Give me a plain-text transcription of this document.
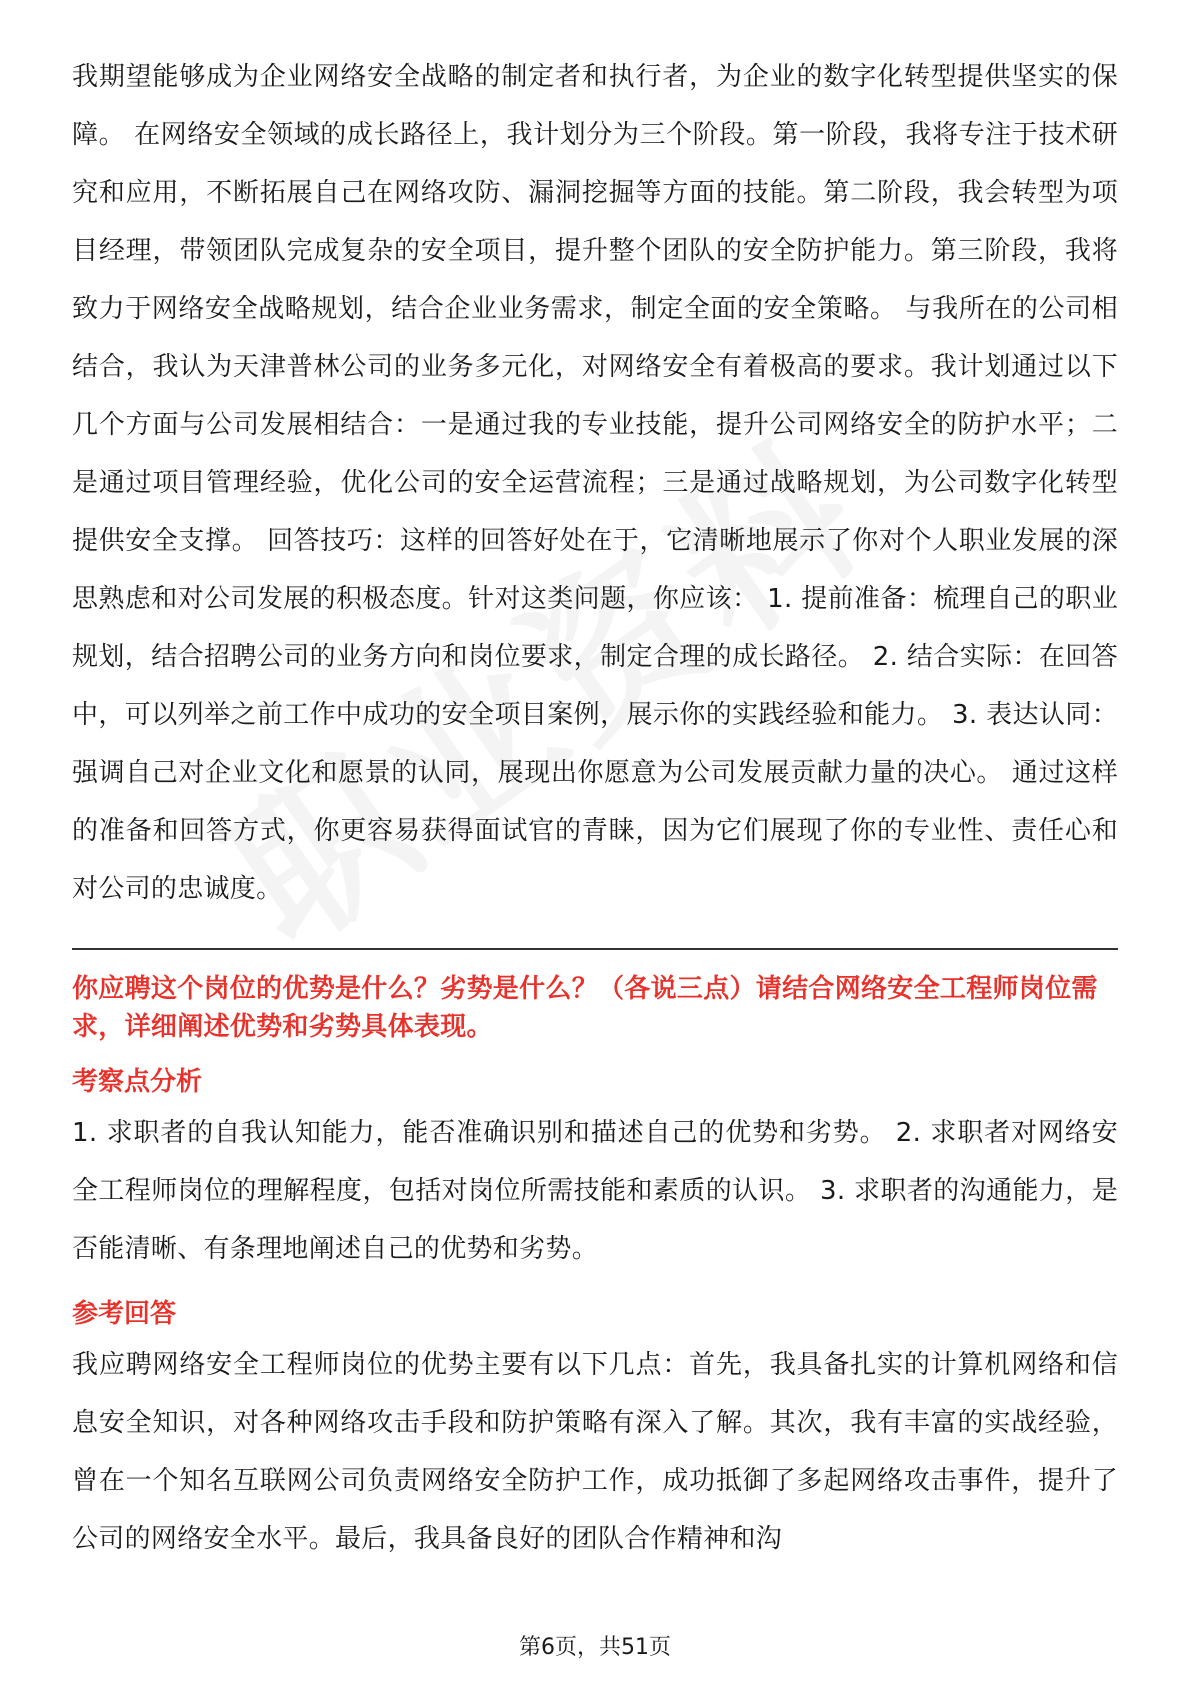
我期望能够成为企业网络安全战略的制定者和执行者，为企业的数字化转型提供坚实的保障。 在网络安全领域的成长路径上，我计划分为三个阶段。第一阶段，我将专注于技术研究和应用，不断拓展自己在网络攻防、漏洞挖掘等方面的技能。第二阶段，我会转型为项目经理，带领团队完成复杂的安全项目，提升整个团队的安全防护能力。第三阶段，我将致力于网络安全战略规划，结合企业业务需求，制定全面的安全策略。 与我所在的公司相结合，我认为天津普林公司的业务多元化，对网络安全有着极高的要求。我计划通过以下几个方面与公司发展相结合：一是通过我的专业技能，提升公司网络安全的防护水平；二是通过项目管理经验，优化公司的安全运营流程；三是通过战略规划，为公司数字化转型提供安全支撑。 回答技巧：这样的回答好处在于，它清晰地展示了你对个人职业发展的深思熟虑和对公司发展的积极态度。针对这类问题，你应该： 1. 提前准备：梳理自己的职业规划，结合招聘公司的业务方向和岗位要求，制定合理的成长路径。 2. 结合实际：在回答中，可以列举之前工作中成功的安全项目案例，展示你的实践经验和能力。 3. 表达认同：强调自己对企业文化和愿景的认同，展现出你愿意为公司发展贡献力量的决心。 通过这样的准备和回答方式，你更容易获得面试官的青睐，因为它们展现了你的专业性、责任心和对公司的忠诚度。

你应聘这个岗位的优势是什么？劣势是什么？（各说三点）请结合网络安全工程师岗位需求，详细阐述优势和劣势具体表现。

考察点分析

1. 求职者的自我认知能力，能否准确识别和描述自己的优势和劣势。 2. 求职者对网络安全工程师岗位的理解程度，包括对岗位所需技能和素质的认识。 3. 求职者的沟通能力，是否能清晰、有条理地阐述自己的优势和劣势。

参考回答

我应聘网络安全工程师岗位的优势主要有以下几点：首先，我具备扎实的计算机网络和信息安全知识，对各种网络攻击手段和防护策略有深入了解。其次，我有丰富的实战经验，曾在一个知名互联网公司负责网络安全防护工作，成功抵御了多起网络攻击事件，提升了公司的网络安全水平。最后，我具备良好的团队合作精神和沟

第6页，共51页
